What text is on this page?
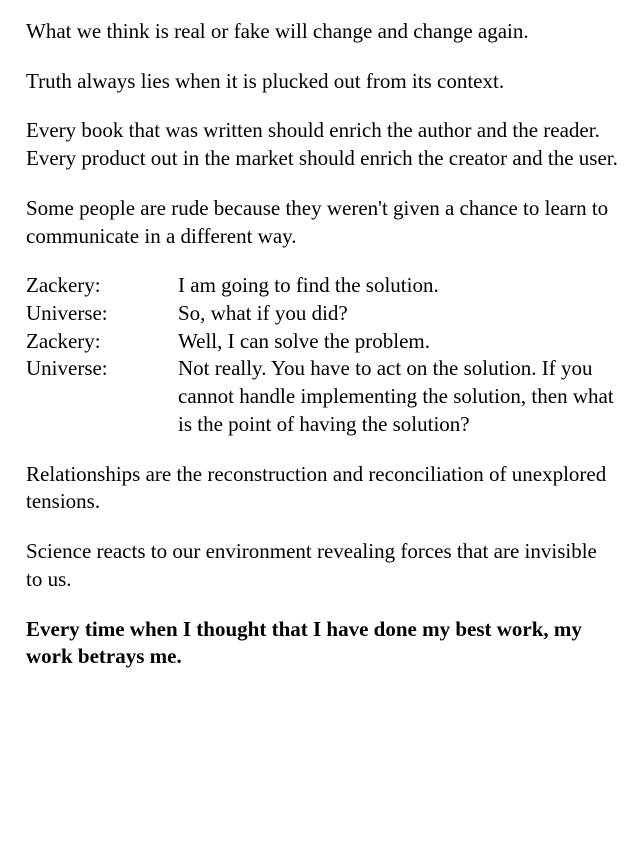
What we think is real or fake will change and change again.

Truth always lies when it is plucked out from its context.

Every book that was written should enrich the author and the reader. Every product out in the market should enrich the creator and the user.

Some people are rude because they weren't given a chance to learn to communicate in a different way.

Zackery:	I am going to find the solution.
Universe:	So, what if you did?
Zackery:	Well, I can solve the problem.
Universe:	Not really. You have to act on the solution. If you cannot handle implementing the solution, then what is the point of having the solution?

Relationships are the reconstruction and reconciliation of unexplored tensions.

Science reacts to our environment revealing forces that are invisible to us.

Every time when I thought that I have done my best work, my work betrays me.
